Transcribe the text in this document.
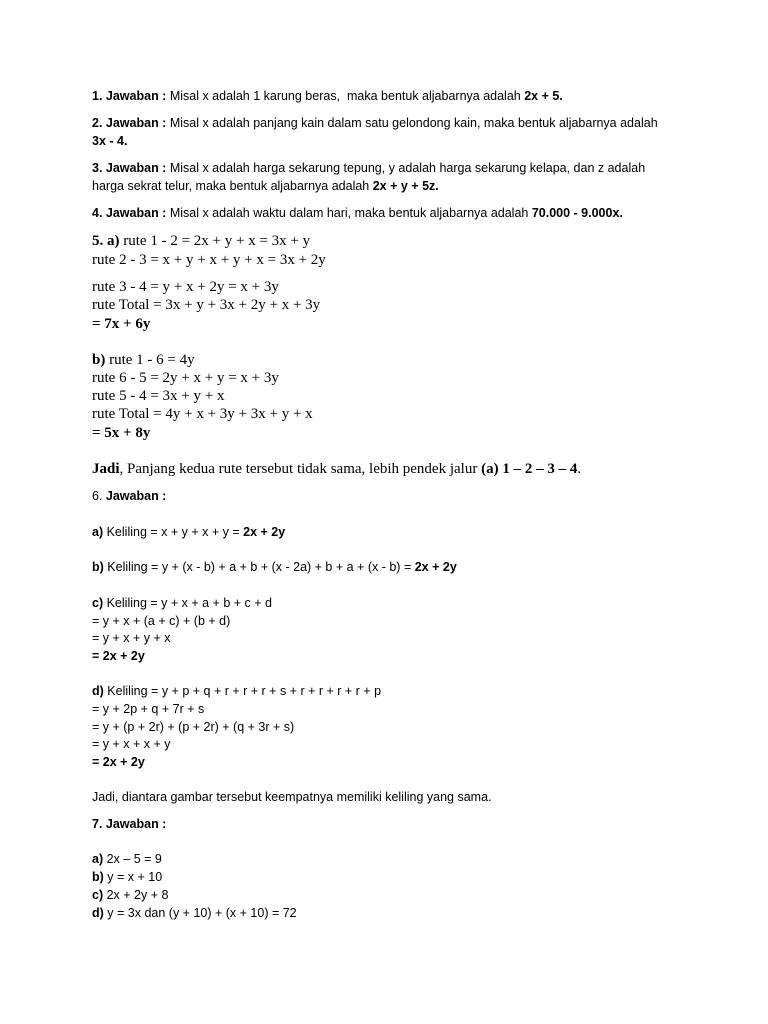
1. Jawaban : Misal x adalah 1 karung beras,  maka bentuk aljabarnya adalah 2x + 5.
2. Jawaban : Misal x adalah panjang kain dalam satu gelondong kain, maka bentuk aljabarnya adalah
3x - 4.
3. Jawaban : Misal x adalah harga sekarung tepung, y adalah harga sekarung kelapa, dan z adalah
harga sekrat telur, maka bentuk aljabarnya adalah 2x + y + 5z.
4. Jawaban : Misal x adalah waktu dalam hari, maka bentuk aljabarnya adalah 70.000 - 9.000x.
5. a) rute 1 - 2 = 2x + y + x = 3x + y
rute 2 - 3 = x + y + x + y + x = 3x + 2y
rute 3 - 4 = y + x + 2y = x + 3y
rute Total = 3x + y + 3x + 2y + x + 3y
= 7x + 6y
b) rute 1 - 6 = 4y
rute 6 - 5 = 2y + x + y = x + 3y
rute 5 - 4 = 3x + y + x
rute Total = 4y + x + 3y + 3x + y + x
= 5x + 8y
Jadi, Panjang kedua rute tersebut tidak sama, lebih pendek jalur (a) 1 – 2 – 3 – 4.
6. Jawaban :
a) Keliling = x + y + x + y = 2x + 2y
b) Keliling = y + (x - b) + a + b + (x - 2a) + b + a + (x - b) = 2x + 2y
c) Keliling = y + x + a + b + c + d
= y + x + (a + c) + (b + d)
= y + x + y + x
= 2x + 2y
d) Keliling = y + p + q + r + r + r + s + r + r + r + r + p
= y + 2p + q + 7r + s
= y + (p + 2r) + (p + 2r) + (q + 3r + s)
= y + x + x + y
= 2x + 2y
Jadi, diantara gambar tersebut keempatnya memiliki keliling yang sama.
7. Jawaban :
a) 2x – 5 = 9
b) y = x + 10
c) 2x + 2y + 8
d) y = 3x dan (y + 10) + (x + 10) = 72
